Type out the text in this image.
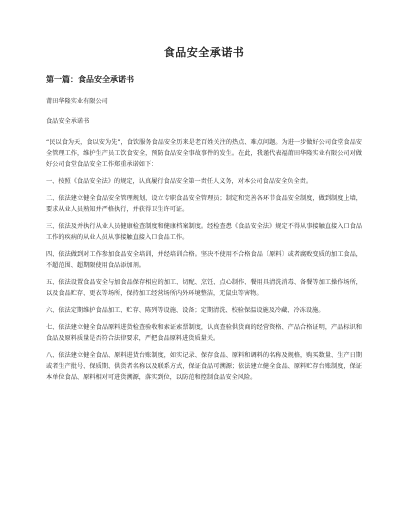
食品安全承诺书

第一篇：食品安全承诺书

莆田华隆实业有限公司

食品安全承诺书

“民以食为天，食以安为先”，食饮服务食品安全历来是老百姓关注的热点、难点问题。为进一步做好公司食堂食品安全管理工作，维护生产员工饮食安全，预防食品安全事故事件的发生。在此，我谨代表福莆田华隆实业有限公司对做好公司食堂食品安全工作郑重承诺如下：

一、按照《食品安全法》的规定，认真履行食品安全第一责任人义务，对本公司食品安全负全责。

二、依法建立健全食品安全管理规划，设立专职食品安全管理员；制定和完善各环节食品安全制度，做到制度上墙，要求从业人员熟知并严格执行，并获得卫生许可证。

三、依法及并执行从业人员健康检查制度和健康档案制度。经检查患《食品安全法》规定不得从事接触直接入口食品工作的疾病的从业人员从事接触直接入口食品工作。

四、依法做到对工作参加食品安全培训，并经培训合格。坚决不使用不合格食品〔原料〕或者腐败变质的加工食品，不超范围、超期限使用食品添加剂。

五、依法设置食品安全与加食品保存相应的加工、切配、烹饪、点心制作、餐用具清洗消毒、备餐等加工操作场所，以及食品贮存、更衣等场所，保持加工经营场所内外环境整洁，无鼠虫等害物。

六、依法定期维护食品加工、贮存、陈列等设施、设备；定期清洗、校验保温设施及冷藏、冷冻设施。

七、依法建立健全食品原料进货检查验收和索证索票制度，认真查验供货商的经营资格、产品合格证明，产品标识和食品及原料质量是否符合法律要求，严把食品原料进货质量关。

八、依法建立健全食品、原料进货台账制度，如实记录、保存食品、原料和调料的名称及规格，购买数量、生产日期或者生产批号、保质期、供货者名称以及联系方式，保证食品可溯源；依法建立健全食品、原料贮存台账制度，保证本单位食品、原料相对可进货溯源，落实到位，以防范和控制食品安全风险。
